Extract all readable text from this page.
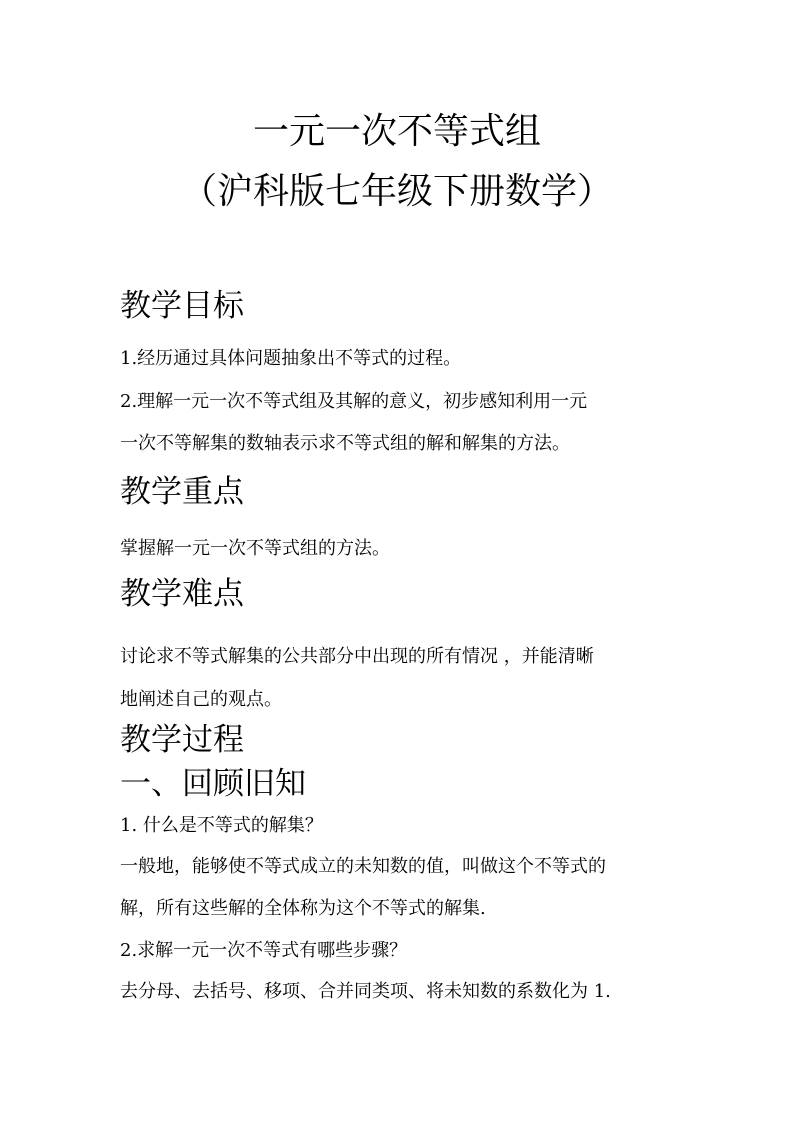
一元一次不等式组
（沪科版七年级下册数学）
教学目标
1.经历通过具体问题抽象出不等式的过程。
2.理解一元一次不等式组及其解的意义，初步感知利用一元
一次不等解集的数轴表示求不等式组的解和解集的方法。
教学重点
掌握解一元一次不等式组的方法。
教学难点
讨论求不等式解集的公共部分中出现的所有情况 ，并能清晰
地阐述自己的观点。
教学过程
一、回顾旧知
1. 什么是不等式的解集？
一般地，能够使不等式成立的未知数的值，叫做这个不等式的
解，所有这些解的全体称为这个不等式的解集.
2.求解一元一次不等式有哪些步骤？
去分母、去括号、移项、合并同类项、将未知数的系数化为 1.
